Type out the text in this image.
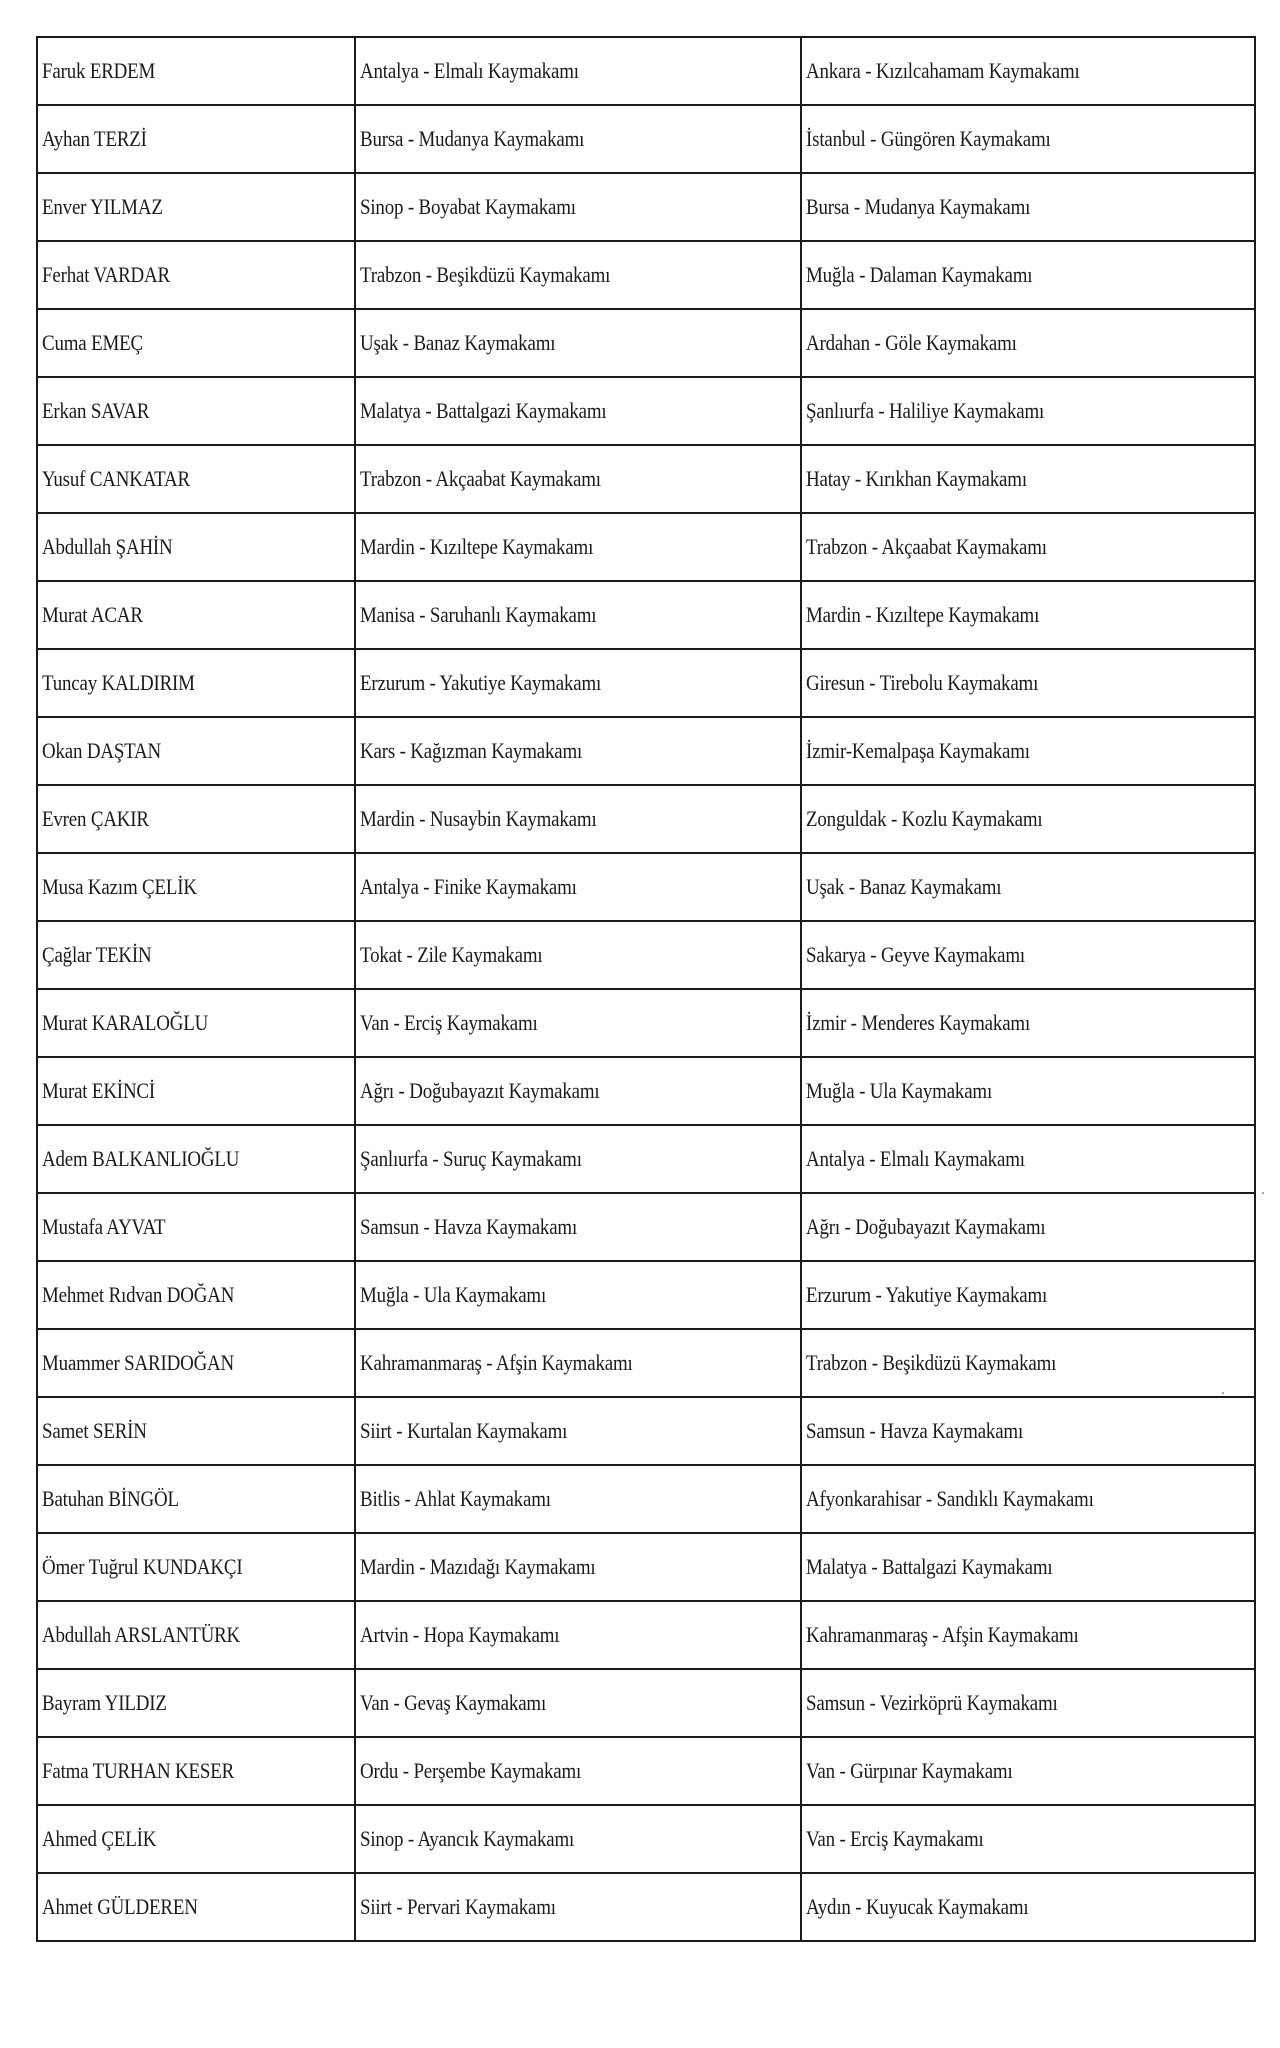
Faruk ERDEM	Antalya - Elmalı Kaymakamı	Ankara - Kızılcahamam Kaymakamı
Ayhan TERZİ	Bursa - Mudanya Kaymakamı	İstanbul - Güngören Kaymakamı
Enver YILMAZ	Sinop - Boyabat Kaymakamı	Bursa - Mudanya Kaymakamı
Ferhat VARDAR	Trabzon - Beşikdüzü Kaymakamı	Muğla - Dalaman Kaymakamı
Cuma EMEÇ	Uşak - Banaz Kaymakamı	Ardahan - Göle Kaymakamı
Erkan SAVAR	Malatya - Battalgazi Kaymakamı	Şanlıurfa - Haliliye Kaymakamı
Yusuf CANKATAR	Trabzon - Akçaabat Kaymakamı	Hatay - Kırıkhan Kaymakamı
Abdullah ŞAHİN	Mardin - Kızıltepe Kaymakamı	Trabzon - Akçaabat Kaymakamı
Murat ACAR	Manisa - Saruhanlı Kaymakamı	Mardin - Kızıltepe Kaymakamı
Tuncay KALDIRIM	Erzurum - Yakutiye Kaymakamı	Giresun - Tirebolu Kaymakamı
Okan DAŞTAN	Kars - Kağızman Kaymakamı	İzmir-Kemalpaşa Kaymakamı
Evren ÇAKIR	Mardin - Nusaybin Kaymakamı	Zonguldak - Kozlu Kaymakamı
Musa Kazım ÇELİK	Antalya - Finike Kaymakamı	Uşak - Banaz Kaymakamı
Çağlar TEKİN	Tokat - Zile Kaymakamı	Sakarya - Geyve Kaymakamı
Murat KARALOĞLU	Van - Erciş Kaymakamı	İzmir - Menderes Kaymakamı
Murat EKİNCİ	Ağrı - Doğubayazıt Kaymakamı	Muğla - Ula Kaymakamı
Adem BALKANLIOĞLU	Şanlıurfa - Suruç Kaymakamı	Antalya - Elmalı Kaymakamı
Mustafa AYVAT	Samsun - Havza Kaymakamı	Ağrı - Doğubayazıt Kaymakamı
Mehmet Rıdvan DOĞAN	Muğla - Ula Kaymakamı	Erzurum - Yakutiye Kaymakamı
Muammer SARIDOĞAN	Kahramanmaraş - Afşin Kaymakamı	Trabzon - Beşikdüzü Kaymakamı
Samet SERİN	Siirt - Kurtalan Kaymakamı	Samsun - Havza Kaymakamı
Batuhan BİNGÖL	Bitlis - Ahlat Kaymakamı	Afyonkarahisar - Sandıklı Kaymakamı
Ömer Tuğrul KUNDAKÇI	Mardin - Mazıdağı Kaymakamı	Malatya - Battalgazi Kaymakamı
Abdullah ARSLANTÜRK	Artvin - Hopa Kaymakamı	Kahramanmaraş - Afşin Kaymakamı
Bayram YILDIZ	Van - Gevaş Kaymakamı	Samsun - Vezirköprü Kaymakamı
Fatma TURHAN KESER	Ordu - Perşembe Kaymakamı	Van - Gürpınar Kaymakamı
Ahmed ÇELİK	Sinop - Ayancık Kaymakamı	Van - Erciş Kaymakamı
Ahmet GÜLDEREN	Siirt - Pervari Kaymakamı	Aydın - Kuyucak Kaymakamı
